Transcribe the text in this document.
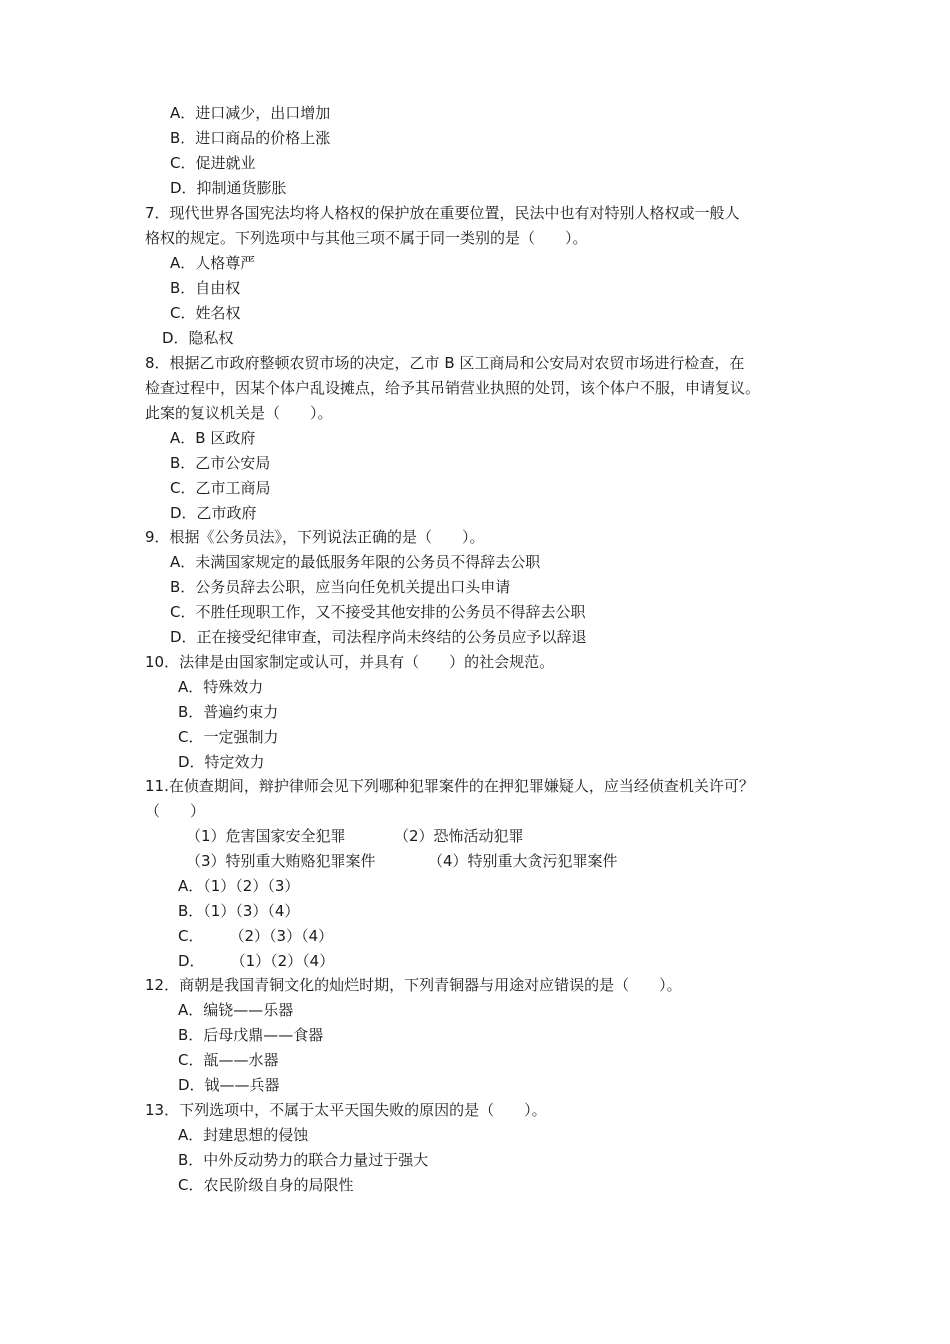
A．进口减少，出口增加
B．进口商品的价格上涨
C．促进就业
D．抑制通货膨胀
7．现代世界各国宪法均将人格权的保护放在重要位置，民法中也有对特别人格权或一般人
格权的规定。下列选项中与其他三项不属于同一类别的是（　　）。
A．人格尊严
B．自由权
C．姓名权
D．隐私权
8．根据乙市政府整顿农贸市场的决定，乙市 B 区工商局和公安局对农贸市场进行检查，在
检查过程中，因某个体户乱设摊点，给予其吊销营业执照的处罚，该个体户不服，申请复议。
此案的复议机关是（　　）。
A．B 区政府
B．乙市公安局
C．乙市工商局
D．乙市政府
9．根据《公务员法》，下列说法正确的是（　　）。
A．未满国家规定的最低服务年限的公务员不得辞去公职
B．公务员辞去公职，应当向任免机关提出口头申请
C．不胜任现职工作，又不接受其他安排的公务员不得辞去公职
D．正在接受纪律审查，司法程序尚未终结的公务员应予以辞退
10．法律是由国家制定或认可，并具有（　　）的社会规范。
A．特殊效力
B．普遍约束力
C．一定强制力
D．特定效力
11.在侦查期间，辩护律师会见下列哪种犯罪案件的在押犯罪嫌疑人，应当经侦查机关许可？
（　　）
（1）危害国家安全犯罪	（2）恐怖活动犯罪
（3）特别重大贿赂犯罪案件	（4）特别重大贪污犯罪案件
A．（1）（2）（3）
B．（1）（3）（4）
C． （2）（3）（4）
D． （1）（2）（4）
12．商朝是我国青铜文化的灿烂时期，下列青铜器与用途对应错误的是（　　）。
A．编铙——乐器
B．后母戊鼎——食器
C．瓿——水器
D．钺——兵器
13．下列选项中，不属于太平天国失败的原因的是（　　）。
A．封建思想的侵蚀
B．中外反动势力的联合力量过于强大
C．农民阶级自身的局限性
